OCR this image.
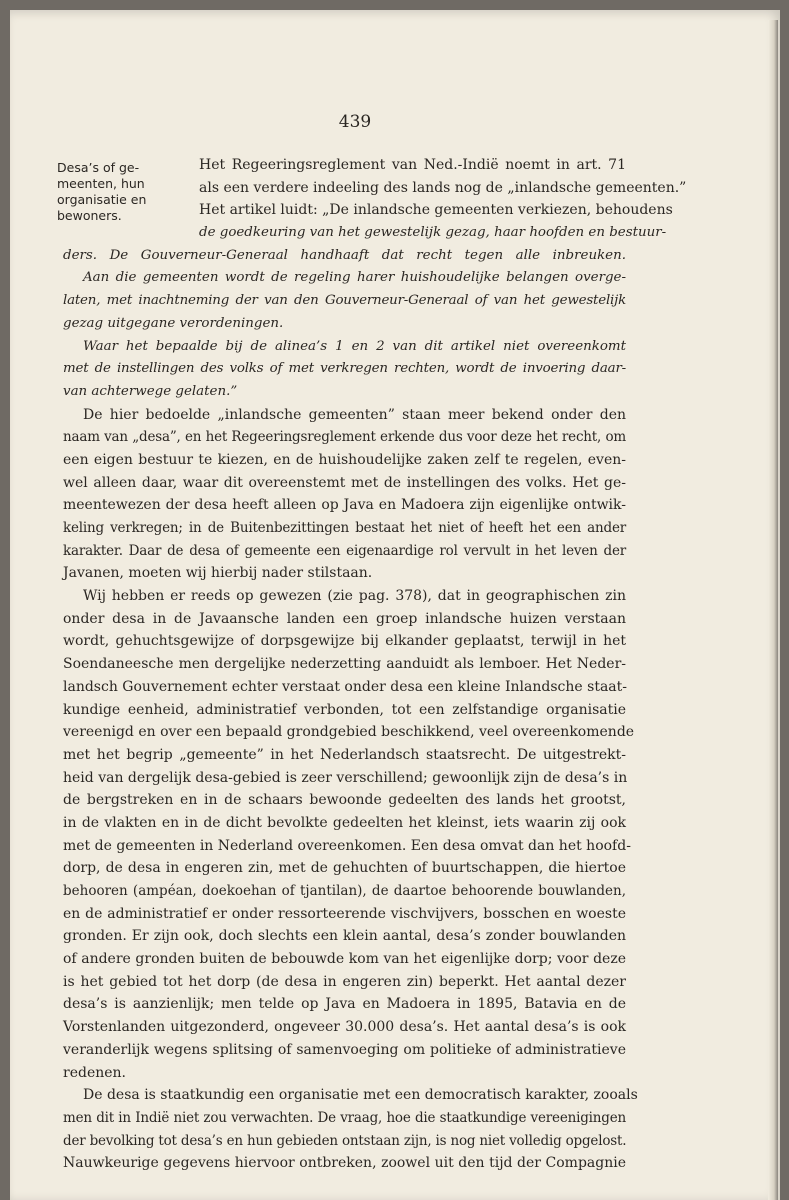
439
Desa’s of ge-
meenten, hun
organisatie en
bewoners.
Het Regeeringsreglement van Ned.-Indië noemt in art. 71
als een verdere indeeling des lands nog de „inlandsche gemeenten.”
Het artikel luidt: „De inlandsche gemeenten verkiezen, behoudens
de goedkeuring van het gewestelijk gezag, haar hoofden en bestuur-
ders. De Gouverneur-Generaal handhaaft dat recht tegen alle inbreuken.
Aan die gemeenten wordt de regeling harer huishoudelijke belangen overge-
laten, met inachtneming der van den Gouverneur-Generaal of van het gewestelijk
gezag uitgegane verordeningen.
Waar het bepaalde bij de alinea’s 1 en 2 van dit artikel niet overeenkomt
met de instellingen des volks of met verkregen rechten, wordt de invoering daar-
van achterwege gelaten.”
De hier bedoelde „inlandsche gemeenten” staan meer bekend onder den
naam van „desa”, en het Regeeringsreglement erkende dus voor deze het recht, om
een eigen bestuur te kiezen, en de huishoudelijke zaken zelf te regelen, even-
wel alleen daar, waar dit overeenstemt met de instellingen des volks. Het ge-
meentewezen der desa heeft alleen op Java en Madoera zijn eigenlijke ontwik-
keling verkregen; in de Buitenbezittingen bestaat het niet of heeft het een ander
karakter. Daar de desa of gemeente een eigenaardige rol vervult in het leven der
Javanen, moeten wij hierbij nader stilstaan.
Wij hebben er reeds op gewezen (zie pag. 378), dat in geographischen zin
onder desa in de Javaansche landen een groep inlandsche huizen verstaan
wordt, gehuchtsgewijze of dorpsgewijze bij elkander geplaatst, terwijl in het
Soendaneesche men dergelijke nederzetting aanduidt als lemboer. Het Neder-
landsch Gouvernement echter verstaat onder desa een kleine Inlandsche staat-
kundige eenheid, administratief verbonden, tot een zelfstandige organisatie
vereenigd en over een bepaald grondgebied beschikkend, veel overeenkomende
met het begrip „gemeente” in het Nederlandsch staatsrecht. De uitgestrekt-
heid van dergelijk desa-gebied is zeer verschillend; gewoonlijk zijn de desa’s in
de bergstreken en in de schaars bewoonde gedeelten des lands het grootst,
in de vlakten en in de dicht bevolkte gedeelten het kleinst, iets waarin zij ook
met de gemeenten in Nederland overeenkomen. Een desa omvat dan het hoofd-
dorp, de desa in engeren zin, met de gehuchten of buurtschappen, die hiertoe
behooren (ampéan, doekoehan of tjantilan), de daartoe behoorende bouwlanden,
en de administratief er onder ressorteerende vischvijvers, bosschen en woeste
gronden. Er zijn ook, doch slechts een klein aantal, desa’s zonder bouwlanden
of andere gronden buiten de bebouwde kom van het eigenlijke dorp; voor deze
is het gebied tot het dorp (de desa in engeren zin) beperkt. Het aantal dezer
desa’s is aanzienlijk; men telde op Java en Madoera in 1895, Batavia en de
Vorstenlanden uitgezonderd, ongeveer 30.000 desa’s. Het aantal desa’s is ook
veranderlijk wegens splitsing of samenvoeging om politieke of administratieve
redenen.
De desa is staatkundig een organisatie met een democratisch karakter, zooals
men dit in Indië niet zou verwachten. De vraag, hoe die staatkundige vereenigingen
der bevolking tot desa’s en hun gebieden ontstaan zijn, is nog niet volledig opgelost.
Nauwkeurige gegevens hiervoor ontbreken, zoowel uit den tijd der Compagnie
